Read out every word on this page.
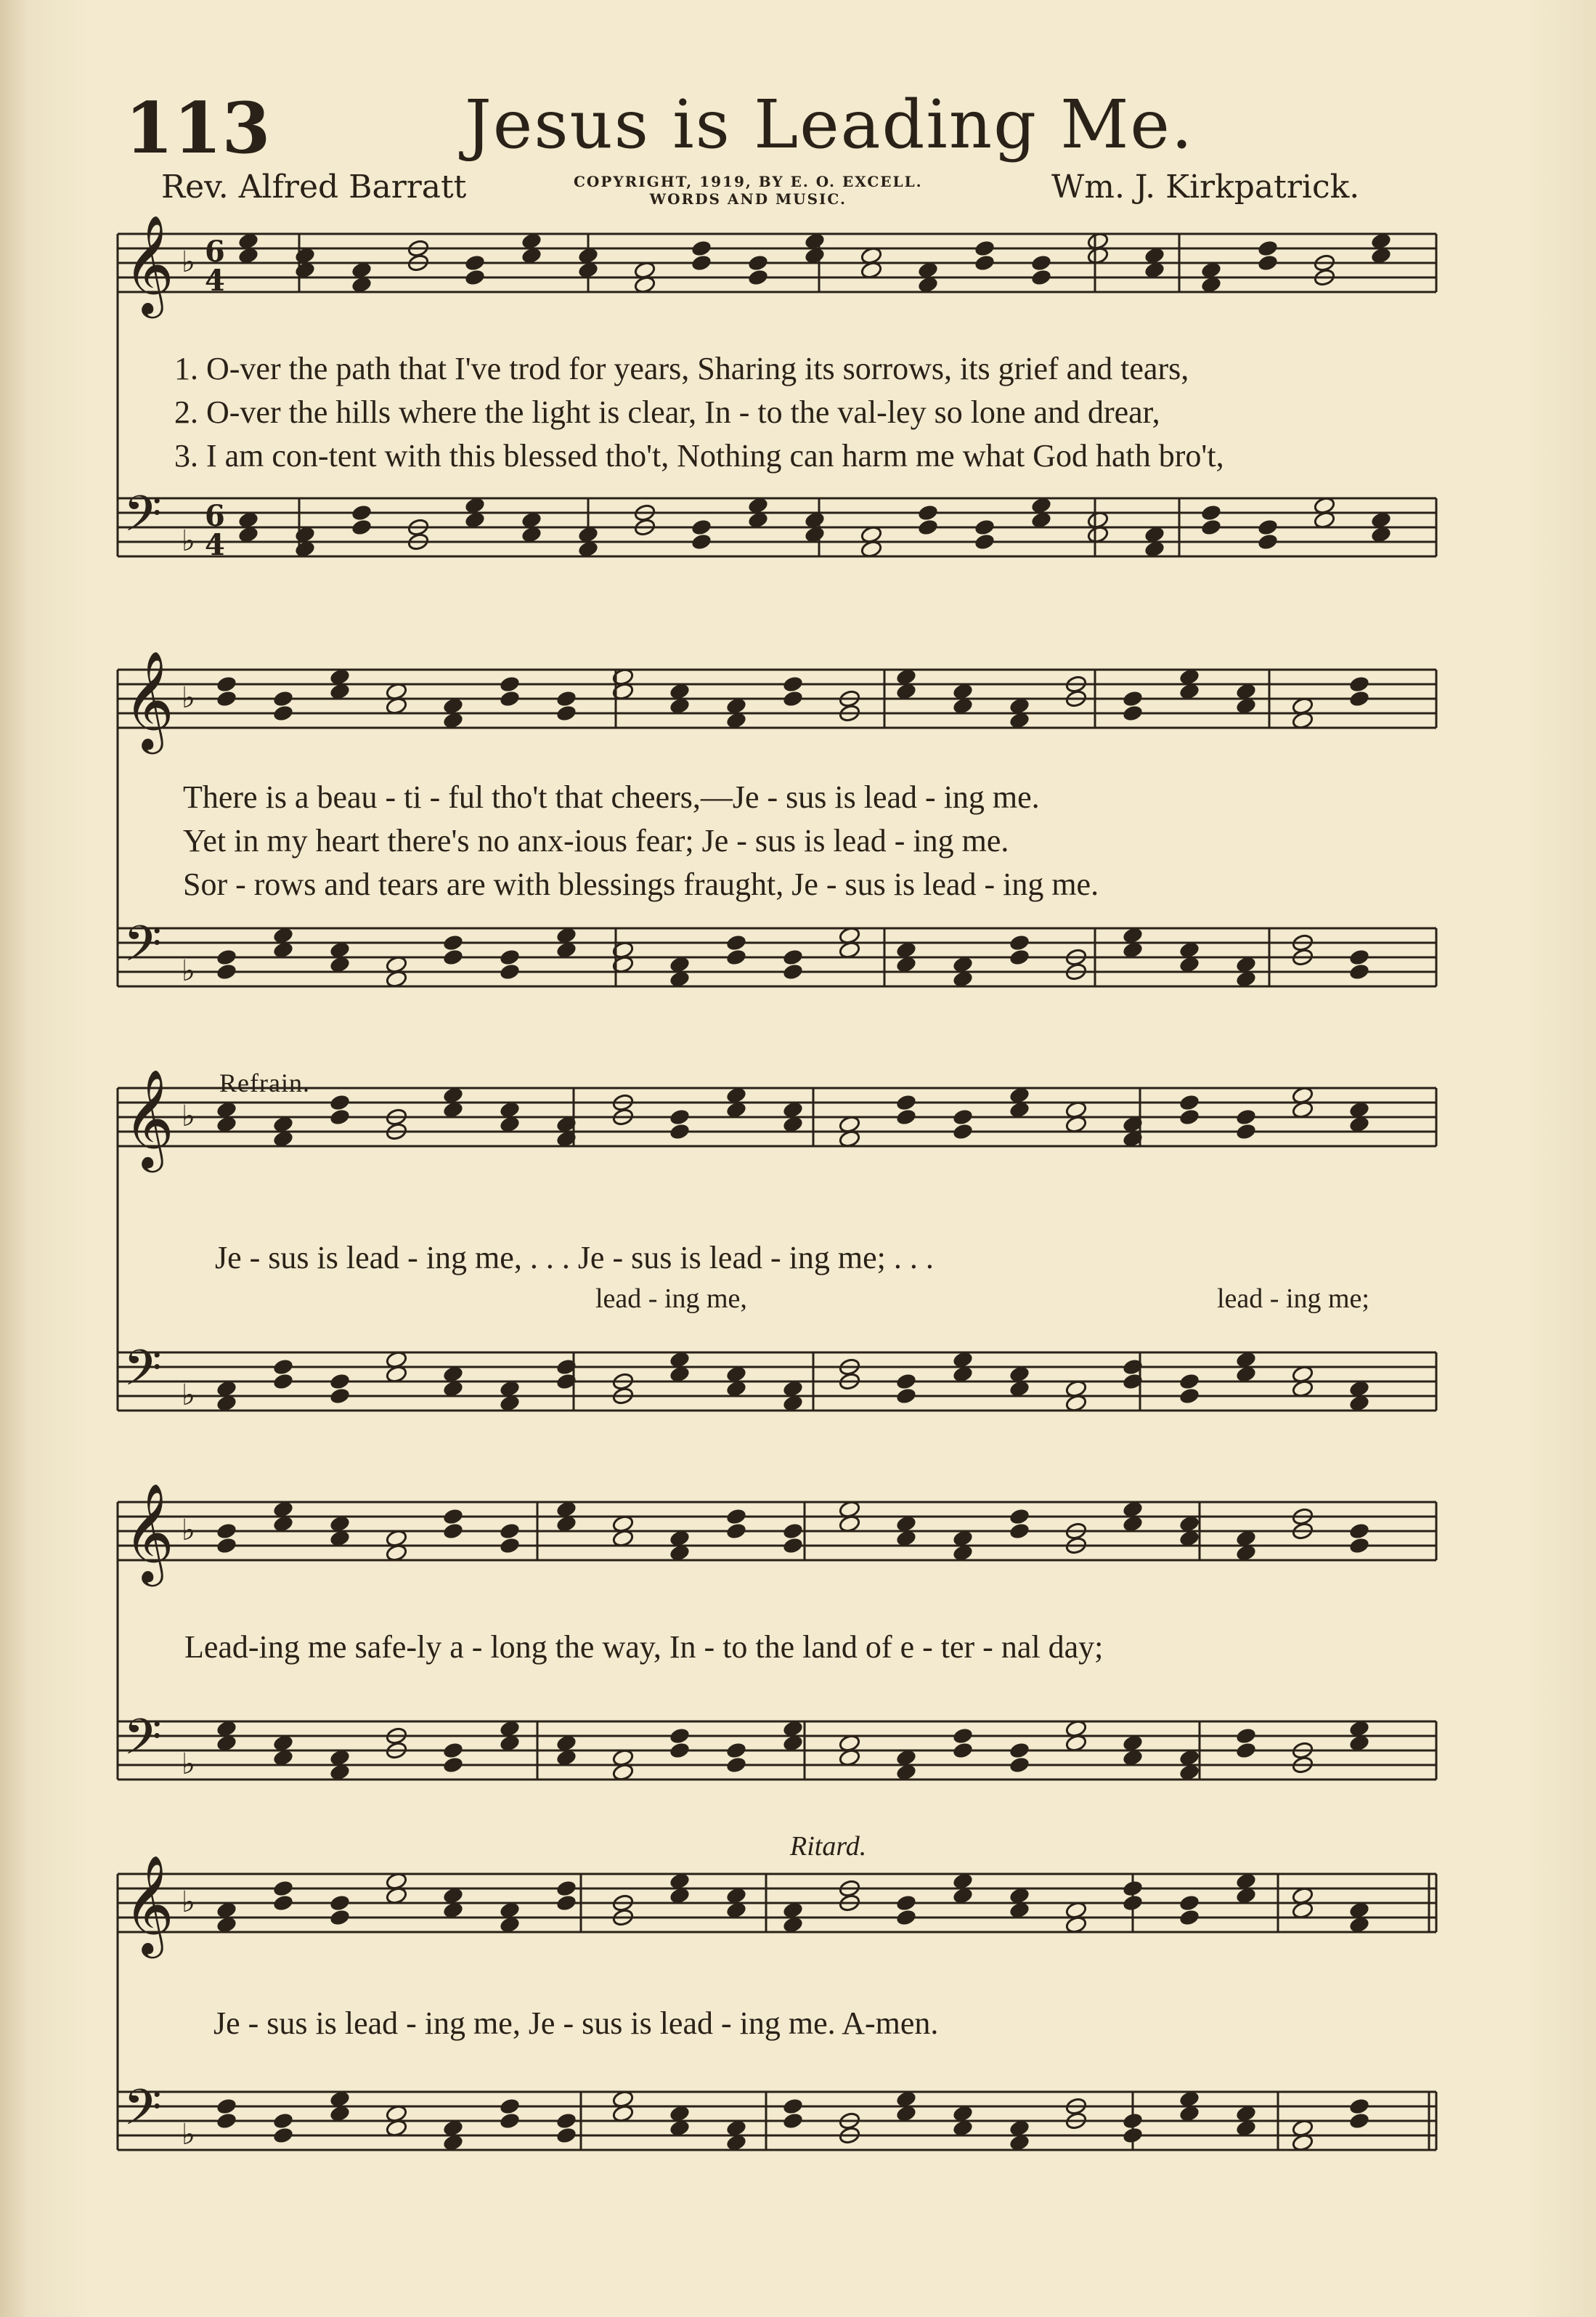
113	Jesus is Leading Me.
Rev. Alfred Barratt	COPYRIGHT, 1919, BY E. O. EXCELL.
WORDS AND MUSIC.	Wm. J. Kirkpatrick.
𝄞 ♭ 6
4
𝄢 ♭
6
4
𝄞 ♭
𝄢 ♭
𝄞 ♭
𝄢 ♭
𝄞 ♭
𝄢 ♭
𝄞 ♭
𝄢 ♭
1. O-ver the path that I've trod for years, Sharing its sorrows, its grief and tears,
2. O-ver the hills where the light is clear, In - to the val-ley so lone and drear,
3. I am con-tent with this blessed tho't, Nothing can harm me what God hath bro't,
There is a beau - ti - ful tho't that cheers,—Je - sus is lead - ing me.
Yet in my heart there's no anx-ious fear; Je - sus is lead - ing me.
Sor - rows and tears are with blessings fraught, Je - sus is lead - ing me.
Refrain.
Je - sus is lead - ing me, . . . Je - sus is lead - ing me; . . .
lead - ing me,	lead - ing me;
Lead-ing me safe-ly a - long the way, In - to the land of e - ter - nal day;
Ritard.
Je - sus is lead - ing me, Je - sus is lead - ing me. A-men.
